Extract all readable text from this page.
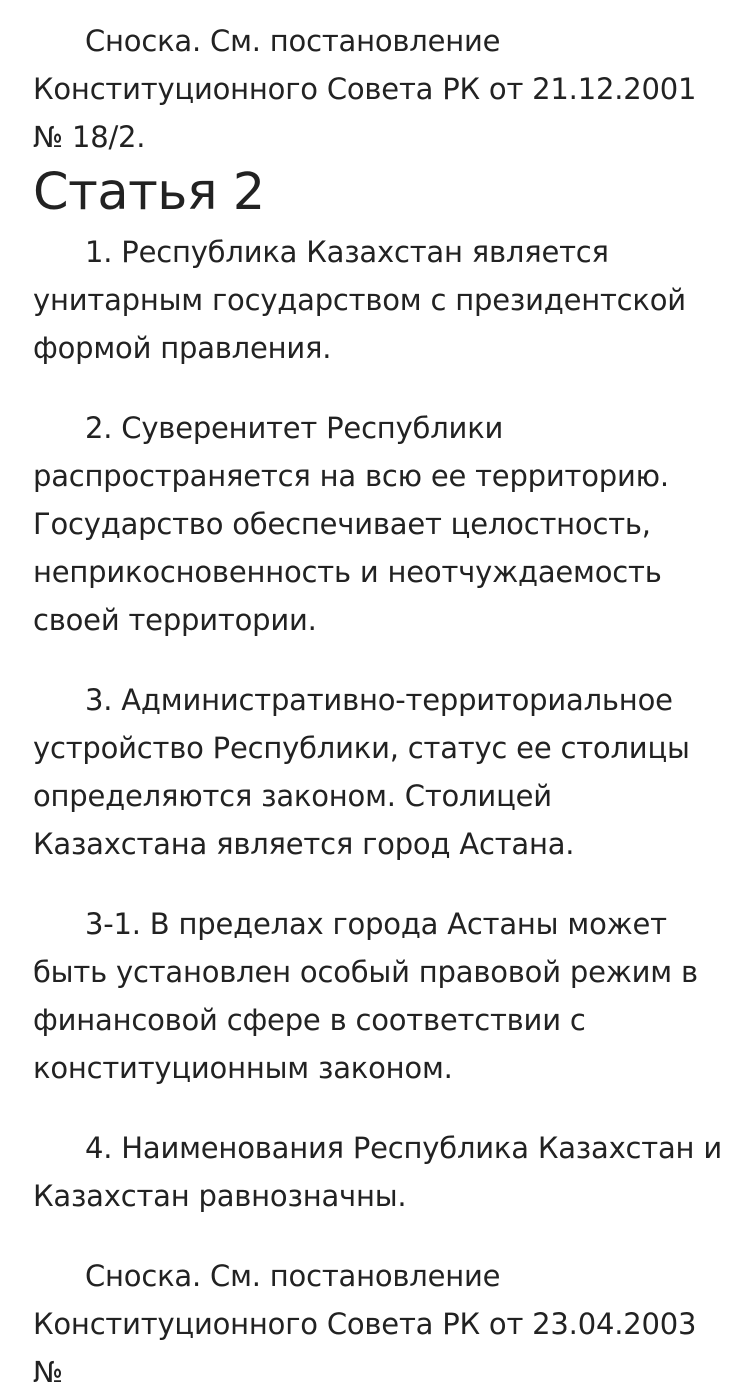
Сноска. См. постановление Конституционного Совета РК от 21.12.2001 № 18/2.

Статья 2

1. Республика Казахстан является унитарным государством с президентской формой правления.

2. Суверенитет Республики распространяется на всю ее территорию. Государство обеспечивает целостность, неприкосновенность и неотчуждаемость своей территории.

3. Административно-территориальное устройство Республики, статус ее столицы определяются законом. Столицей Казахстана является город Астана.

3-1. В пределах города Астаны может быть установлен особый правовой режим в финансовой сфере в соответствии с конституционным законом.

4. Наименования Республика Казахстан и Казахстан равнозначны.

Сноска. См. постановление Конституционного Совета РК от 23.04.2003 №
